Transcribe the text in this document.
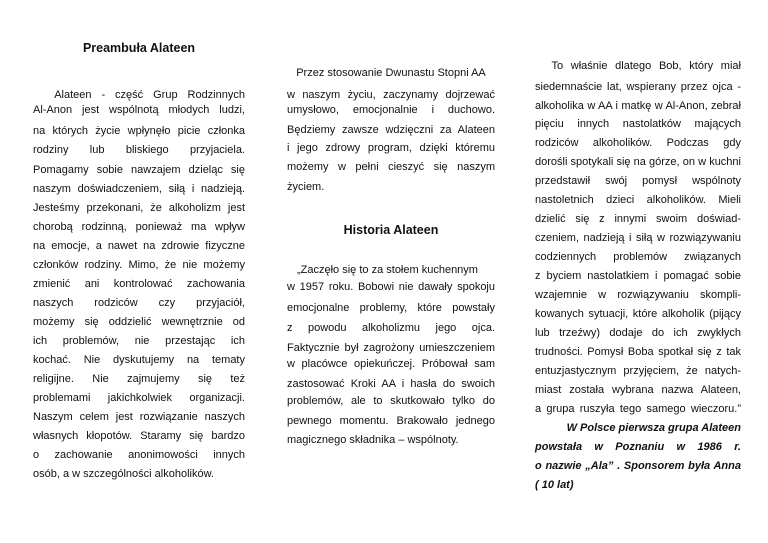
Preambuła Alateen
Alateen - część Grup Rodzinnych
Al-Anon jest wspólnotą młodych ludzi,
na których życie wpłynęło picie członka
rodziny lub bliskiego przyjaciela.
Pomagamy sobie nawzajem dzieląc się
naszym doświadczeniem, siłą i nadzieją.
Jesteśmy przekonani, że alkoholizm jest
chorobą rodzinną, ponieważ ma wpływ
na emocje, a nawet na zdrowie fizyczne
członków rodziny. Mimo, że nie możemy
zmienić ani kontrolować zachowania
naszych rodziców czy przyjaciół,
możemy się oddzielić wewnętrznie od
ich problemów, nie przestając ich
kochać. Nie dyskutujemy na tematy
religijne. Nie zajmujemy się też
problemami jakichkolwiek organizacji.
Naszym celem jest rozwiązanie naszych
własnych kłopotów. Staramy się bardzo
o zachowanie anonimowości innych
osób, a w szczególności alkoholików.
Przez stosowanie Dwunastu Stopni AA
w naszym życiu, zaczynamy dojrzewać
umysłowo, emocjonalnie i duchowo.
Będziemy zawsze wdzięczni za Alateen
i jego zdrowy program, dzięki któremu
możemy w pełni cieszyć się naszym
życiem.
Historia Alateen
„Zaczęło się to za stołem kuchennym
w 1957 roku. Bobowi nie dawały spokoju
emocjonalne problemy, które powstały
z powodu alkoholizmu jego ojca.
Faktycznie był zagrożony umieszczeniem
w placówce opiekuńczej. Próbował sam
zastosować Kroki AA i hasła do swoich
problemów, ale to skutkowało tylko do
pewnego momentu. Brakowało jednego
magicznego składnika – wspólnoty.
To właśnie dlatego Bob, który miał
siedemnaście lat, wspierany przez ojca -
alkoholika w AA i matkę w Al-Anon, zebrał
pięciu innych nastolatków mających
rodziców alkoholików. Podczas gdy
dorośli spotykali się na górze, on w kuchni
przedstawił swój pomysł wspólnoty
nastoletnich dzieci alkoholików. Mieli
dzielić się z innymi swoim doświad-
czeniem, nadzieją i siłą w rozwiązywaniu
codziennych problemów związanych
z byciem nastolatkiem i pomagać sobie
wzajemnie w rozwiązywaniu skompli-
kowanych sytuacji, które alkoholik (pijący
lub trzeźwy) dodaje do ich zwykłych
trudności. Pomysł Boba spotkał się z tak
entuzjastycznym przyjęciem, że natych-
miast została wybrana nazwa Alateen,
a grupa ruszyła tego samego wieczoru.”
W Polsce pierwsza grupa Alateen
powstała w Poznaniu w 1986 r.
o nazwie „Ala” . Sponsorem była Anna
( 10 lat)
